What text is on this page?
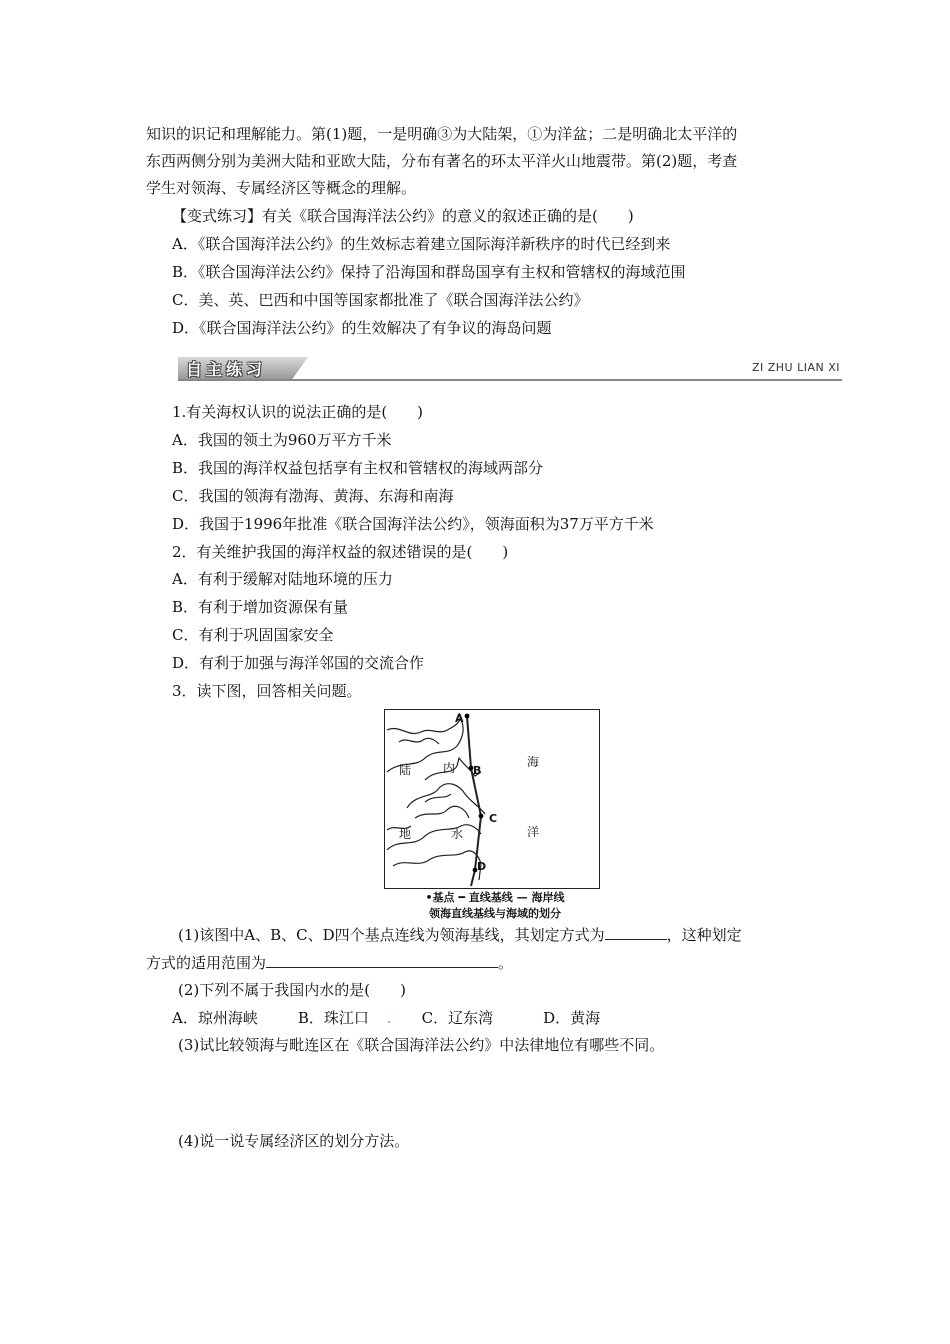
知识的识记和理解能力。第(1)题，一是明确③为大陆架，①为洋盆；二是明确北太平洋的
东西两侧分别为美洲大陆和亚欧大陆，分布有著名的环太平洋火山地震带。第(2)题，考查
学生对领海、专属经济区等概念的理解。
【变式练习】有关《联合国海洋法公约》的意义的叙述正确的是(　　)
A．《联合国海洋法公约》的生效标志着建立国际海洋新秩序的时代已经到来
B．《联合国海洋法公约》保持了沿海国和群岛国享有主权和管辖权的海域范围
C．美、英、巴西和中国等国家都批准了《联合国海洋法公约》
D．《联合国海洋法公约》的生效解决了有争议的海岛问题
自主练习	ZI ZHU LIAN XI
1.有关海权认识的说法正确的是(　　)
A．我国的领土为960万平方千米
B．我国的海洋权益包括享有主权和管辖权的海域两部分
C．我国的领海有渤海、黄海、东海和南海
D．我国于1996年批准《联合国海洋法公约》，领海面积为37万平方千米
2．有关维护我国的海洋权益的叙述错误的是(　　)
A．有利于缓解对陆地环境的压力
B．有利于增加资源保有量
C．有利于巩固国家安全
D．有利于加强与海洋邻国的交流合作
3．读下图，回答相关问题。
A
B
C
D
陆
地
内
水
海
洋
•基点 ━ 直线基线 — 海岸线
领海直线基线与海域的划分
(1)该图中A、B、C、D四个基点连线为领海基线，其划定方式为	，这种划定
方式的适用范围为	。
(2)下列不属于我国内水的是(　　)
A．琼州海峡	B．珠江口 . C．辽东湾	D．黄海
(3)试比较领海与毗连区在《联合国海洋法公约》中法律地位有哪些不同。
(4)说一说专属经济区的划分方法。
